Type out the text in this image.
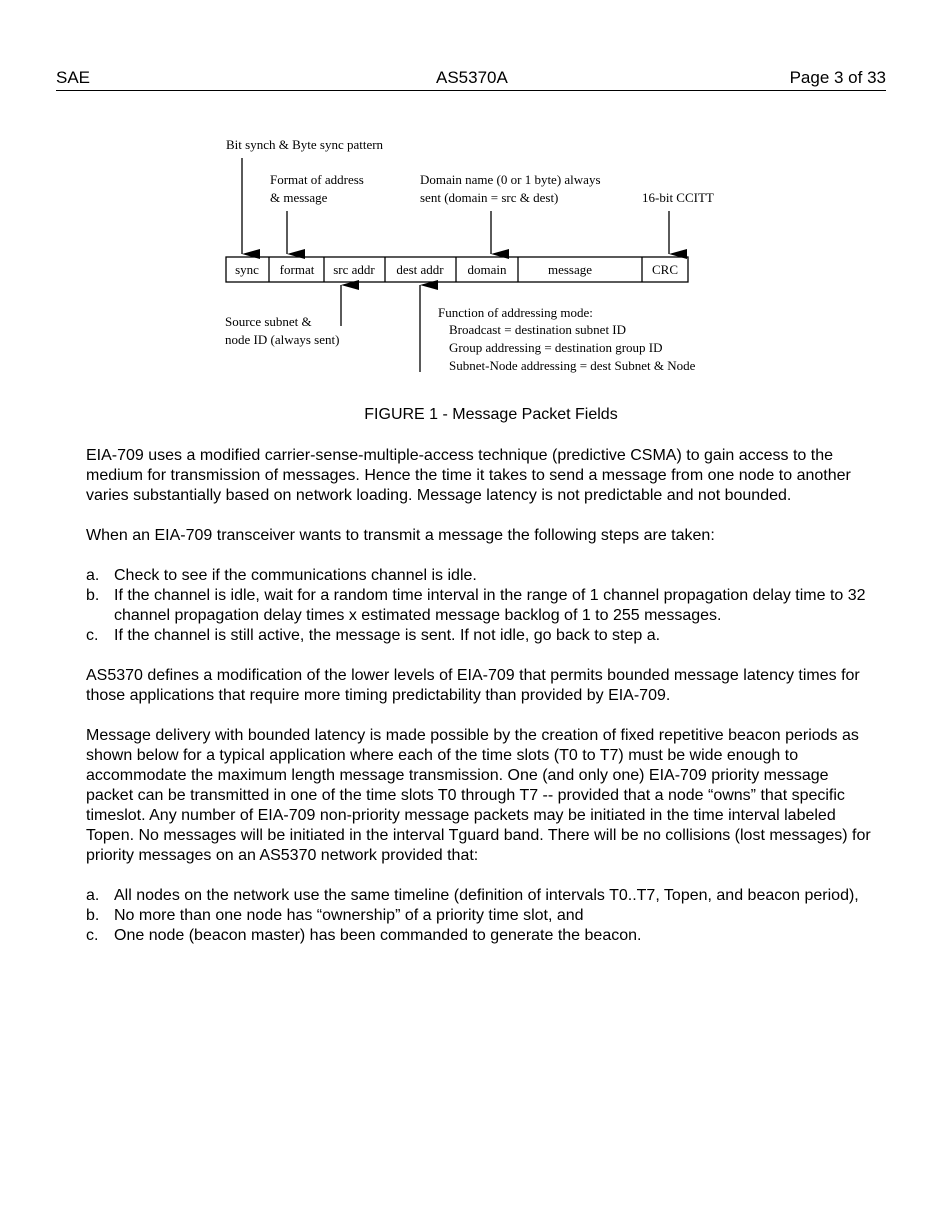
SAE	AS5370A	Page 3 of 33
Bit synch & Byte sync pattern
Format of address
& message
Domain name (0 or 1 byte) always
sent (domain = src & dest)	16-bit CCITT
sync format src addr dest addr domain	message	CRC
Source subnet &
node ID (always sent)
Function of addressing mode:
Broadcast = destination subnet ID
Group addressing = destination group ID
Subnet-Node addressing = dest Subnet & Node
FIGURE 1 - Message Packet Fields

EIA-709 uses a modified carrier-sense-multiple-access technique (predictive CSMA) to gain access to the medium for transmission of messages. Hence the time it takes to send a message from one node to another varies substantially based on network loading. Message latency is not predictable and not bounded.

When an EIA-709 transceiver wants to transmit a message the following steps are taken:

a. Check to see if the communications channel is idle.
b. If the channel is idle, wait for a random time interval in the range of 1 channel propagation delay time to 32 channel propagation delay times x estimated message backlog of 1 to 255 messages.
c. If the channel is still active, the message is sent. If not idle, go back to step a.

AS5370 defines a modification of the lower levels of EIA-709 that permits bounded message latency times for those applications that require more timing predictability than provided by EIA-709.

Message delivery with bounded latency is made possible by the creation of fixed repetitive beacon periods as shown below for a typical application where each of the time slots (T0 to T7) must be wide enough to accommodate the maximum length message transmission. One (and only one) EIA-709 priority message packet can be transmitted in one of the time slots T0 through T7 -- provided that a node “owns” that specific timeslot. Any number of EIA-709 non-priority message packets may be initiated in the time interval labeled Topen. No messages will be initiated in the interval Tguard band. There will be no collisions (lost messages) for priority messages on an AS5370 network provided that:

a. All nodes on the network use the same timeline (definition of intervals T0..T7, Topen, and beacon period),
b. No more than one node has “ownership” of a priority time slot, and
c. One node (beacon master) has been commanded to generate the beacon.
